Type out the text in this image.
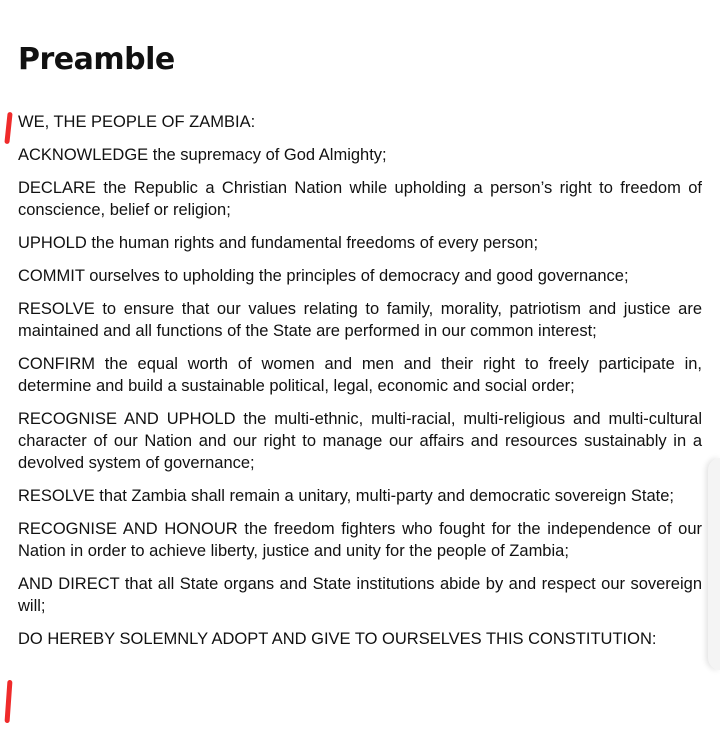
Preamble

WE, THE PEOPLE OF ZAMBIA:

ACKNOWLEDGE the supremacy of God Almighty;

DECLARE the Republic a Christian Nation while upholding a person’s right to freedom of conscience, belief or religion;

UPHOLD the human rights and fundamental freedoms of every person;

COMMIT ourselves to upholding the principles of democracy and good governance;

RESOLVE to ensure that our values relating to family, morality, patriotism and justice are maintained and all functions of the State are performed in our common interest;

CONFIRM the equal worth of women and men and their right to freely participate in, determine and build a sustainable political, legal, economic and social order;

RECOGNISE AND UPHOLD the multi-ethnic, multi-racial, multi-religious and multi-cultural character of our Nation and our right to manage our affairs and resources sustainably in a devolved system of governance;

RESOLVE that Zambia shall remain a unitary, multi-party and democratic sovereign State;

RECOGNISE AND HONOUR the freedom fighters who fought for the independence of our Nation in order to achieve liberty, justice and unity for the people of Zambia;

AND DIRECT that all State organs and State institutions abide by and respect our sovereign will;

DO HEREBY SOLEMNLY ADOPT AND GIVE TO OURSELVES THIS CONSTITUTION:
